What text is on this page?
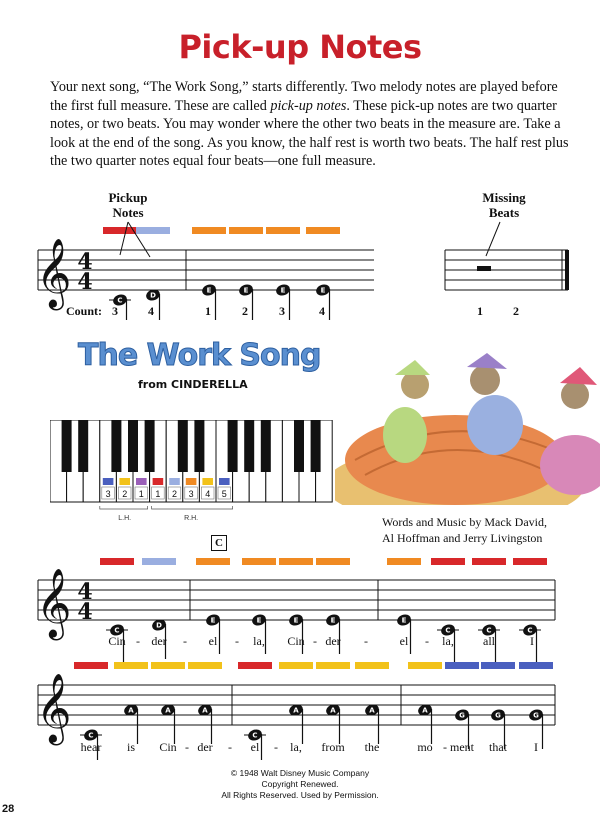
Pick-up Notes

Your next song, “The Work Song,” starts differently. Two melody notes are played before the first full measure. These are called pick-up notes. These pick-up notes are two quarter notes, or two beats. You may wonder where the other two beats in the measure are. Take a look at the end of the song. As you know, the half rest is worth two beats. The half rest plus the two quarter notes equal four beats—one full measure.

Pickup
Notes
Missing
Beats
𝄞 4
4
C
D
E	E	E	E
Count: 3	4	1	2	3	4	1	2
The Work Song
from CINDERELLA
3 2 1 1 2 3 4 5
L.H.	R.H.	Words and Music by Mack David,
Al Hoffman and Jerry Livingston
C
𝄞 4
4
C
D
E	E	E	E	E
C	C	C
𝄞 C
A	A	A
C
A	A	A	A
G	G	G
Cin - der	-	el	-	la,	Cin - der	-	el	-	la,	all	I
hear	is	Cin - der	-	el	-	la,	from	the	mo - ment	that	I
© 1948 Walt Disney Music Company
Copyright Renewed.
All Rights Reserved. Used by Permission.
28
